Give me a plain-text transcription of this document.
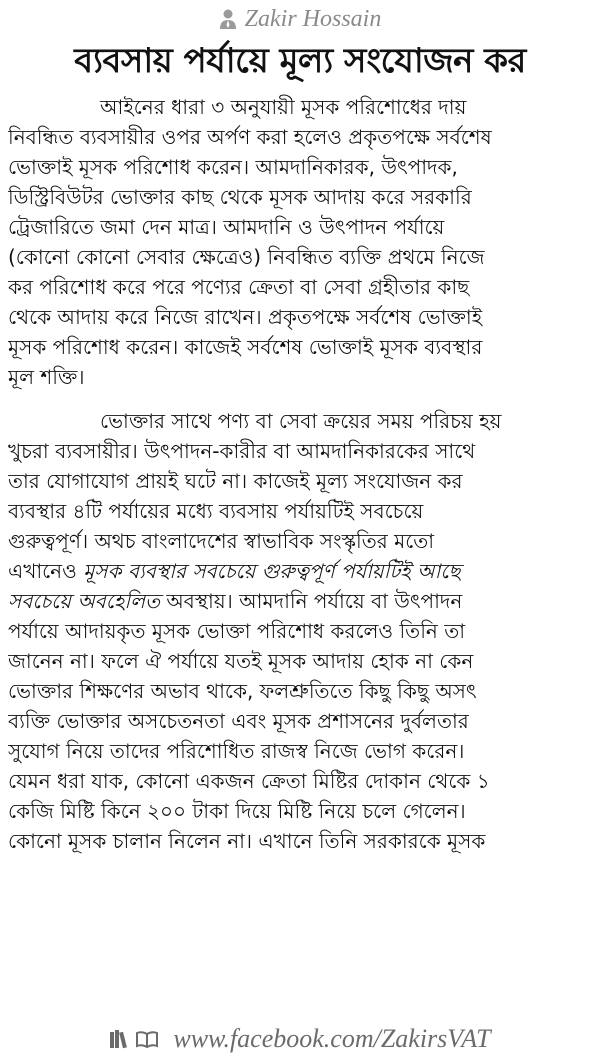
Zakir Hossain
ব্যবসায় পর্যায়ে মূল্য সংযোজন কর
আইনের ধারা ৩ অনুযায়ী মূসক পরিশোধের দায়
নিবন্ধিত ব্যবসায়ীর ওপর অর্পণ করা হলেও প্রকৃতপক্ষে সর্বশেষ
ভোক্তাই মূসক পরিশোধ করেন। আমদানিকারক, উৎপাদক,
ডিস্ট্রিবিউটর ভোক্তার কাছ থেকে মূসক আদায় করে সরকারি
ট্রেজারিতে জমা দেন মাত্র। আমদানি ও উৎপাদন পর্যায়ে
(কোনো কোনো সেবার ক্ষেত্রেও) নিবন্ধিত ব্যক্তি প্রথমে নিজে
কর পরিশোধ করে পরে পণ্যের ক্রেতা বা সেবা গ্রহীতার কাছ
থেকে আদায় করে নিজে রাখেন। প্রকৃতপক্ষে সর্বশেষ ভোক্তাই
মূসক পরিশোধ করেন। কাজেই সর্বশেষ ভোক্তাই মূসক ব্যবস্থার
মূল শক্তি।
ভোক্তার সাথে পণ্য বা সেবা ক্রয়ের সময় পরিচয় হয়
খুচরা ব্যবসায়ীর। উৎপাদন-কারীর বা আমদানিকারকের সাথে
তার যোগাযোগ প্রায়ই ঘটে না। কাজেই মূল্য সংযোজন কর
ব্যবস্থার ৪টি পর্যায়ের মধ্যে ব্যবসায় পর্যায়টিই সবচেয়ে
গুরুত্বপূর্ণ। অথচ বাংলাদেশের স্বাভাবিক সংস্কৃতির মতো
এখানেও মূসক ব্যবস্থার সবচেয়ে গুরুত্বপূর্ণ পর্যায়টিই আছে
সবচেয়ে অবহেলিত অবস্থায়। আমদানি পর্যায়ে বা উৎপাদন
পর্যায়ে আদায়কৃত মূসক ভোক্তা পরিশোধ করলেও তিনি তা
জানেন না। ফলে ঐ পর্যায়ে যতই মূসক আদায় হোক না কেন
ভোক্তার শিক্ষণের অভাব থাকে, ফলশ্রুতিতে কিছু কিছু অসৎ
ব্যক্তি ভোক্তার অসচেতনতা এবং মূসক প্রশাসনের দুর্বলতার
সুযোগ নিয়ে তাদের পরিশোধিত রাজস্ব নিজে ভোগ করেন।
যেমন ধরা যাক, কোনো একজন ক্রেতা মিষ্টির দোকান থেকে ১
কেজি মিষ্টি কিনে ২০০ টাকা দিয়ে মিষ্টি নিয়ে চলে গেলেন।
কোনো মূসক চালান নিলেন না। এখানে তিনি সরকারকে মূসক
www.facebook.com/ZakirsVAT
